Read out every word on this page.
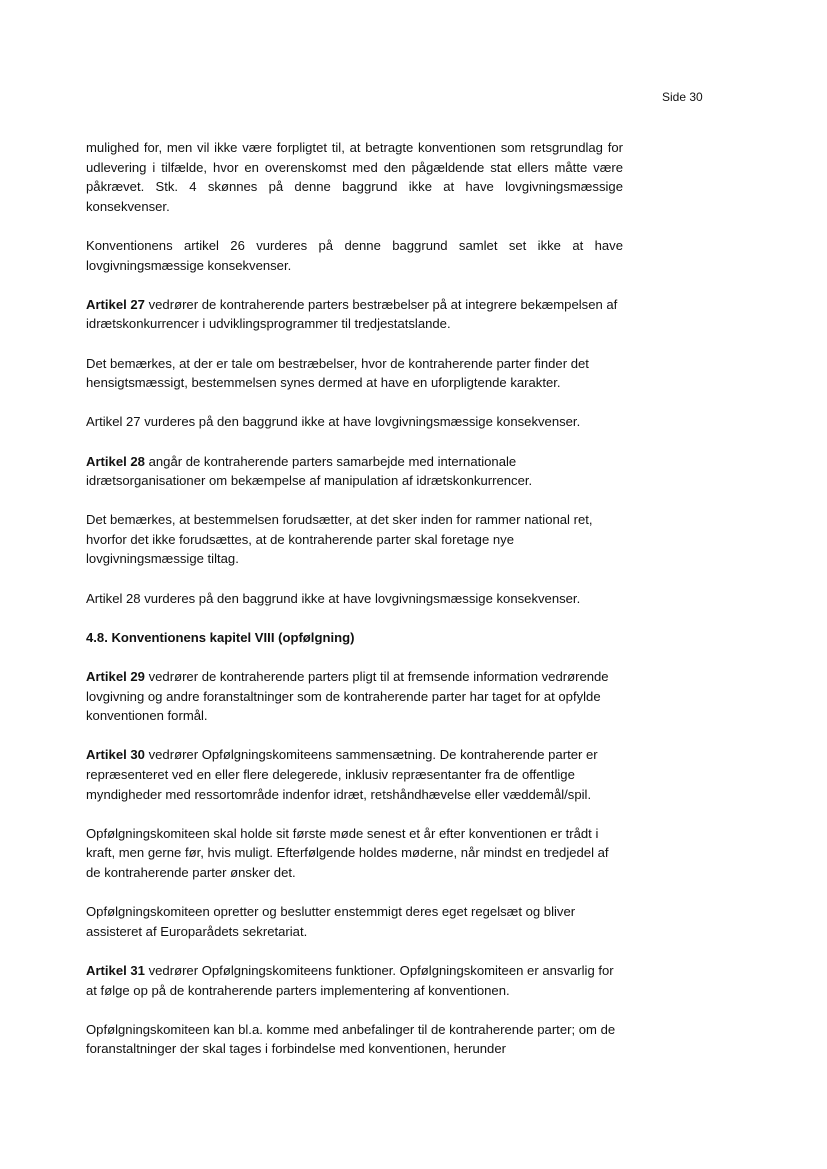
Side 30

mulighed for, men vil ikke være forpligtet til, at betragte konventionen som retsgrundlag for udlevering i tilfælde, hvor en overenskomst med den pågældende stat ellers måtte være påkrævet. Stk. 4 skønnes på denne baggrund ikke at have lovgivningsmæssige konsekvenser.

Konventionens artikel 26 vurderes på denne baggrund samlet set ikke at have lovgivningsmæssige konsekvenser.

Artikel 27 vedrører de kontraherende parters bestræbelser på at integrere bekæmpelsen af idrætskonkurrencer i udviklingsprogrammer til tredjestatslande.

Det bemærkes, at der er tale om bestræbelser, hvor de kontraherende parter finder det hensigtsmæssigt, bestemmelsen synes dermed at have en uforpligtende karakter.

Artikel 27 vurderes på den baggrund ikke at have lovgivningsmæssige konsekvenser.

Artikel 28 angår de kontraherende parters samarbejde med internationale idrætsorganisationer om bekæmpelse af manipulation af idrætskonkurrencer.

Det bemærkes, at bestemmelsen forudsætter, at det sker inden for rammer national ret, hvorfor det ikke forudsættes, at de kontraherende parter skal foretage nye lovgivningsmæssige tiltag.

Artikel 28 vurderes på den baggrund ikke at have lovgivningsmæssige konsekvenser.

4.8. Konventionens kapitel VIII (opfølgning)

Artikel 29 vedrører de kontraherende parters pligt til at fremsende information vedrørende lovgivning og andre foranstaltninger som de kontraherende parter har taget for at opfylde konventionen formål.

Artikel 30 vedrører Opfølgningskomiteens sammensætning. De kontraherende parter er repræsenteret ved en eller flere delegerede, inklusiv repræsentanter fra de offentlige myndigheder med ressortområde indenfor idræt, retshåndhævelse eller væddemål/spil.

Opfølgningskomiteen skal holde sit første møde senest et år efter konventionen er trådt i kraft, men gerne før, hvis muligt. Efterfølgende holdes møderne, når mindst en tredjedel af de kontraherende parter ønsker det.

Opfølgningskomiteen opretter og beslutter enstemmigt deres eget regelsæt og bliver assisteret af Europarådets sekretariat.

Artikel 31 vedrører Opfølgningskomiteens funktioner. Opfølgningskomiteen er ansvarlig for at følge op på de kontraherende parters implementering af konventionen.

Opfølgningskomiteen kan bl.a. komme med anbefalinger til de kontraherende parter; om de foranstaltninger der skal tages i forbindelse med konventionen, herunder
